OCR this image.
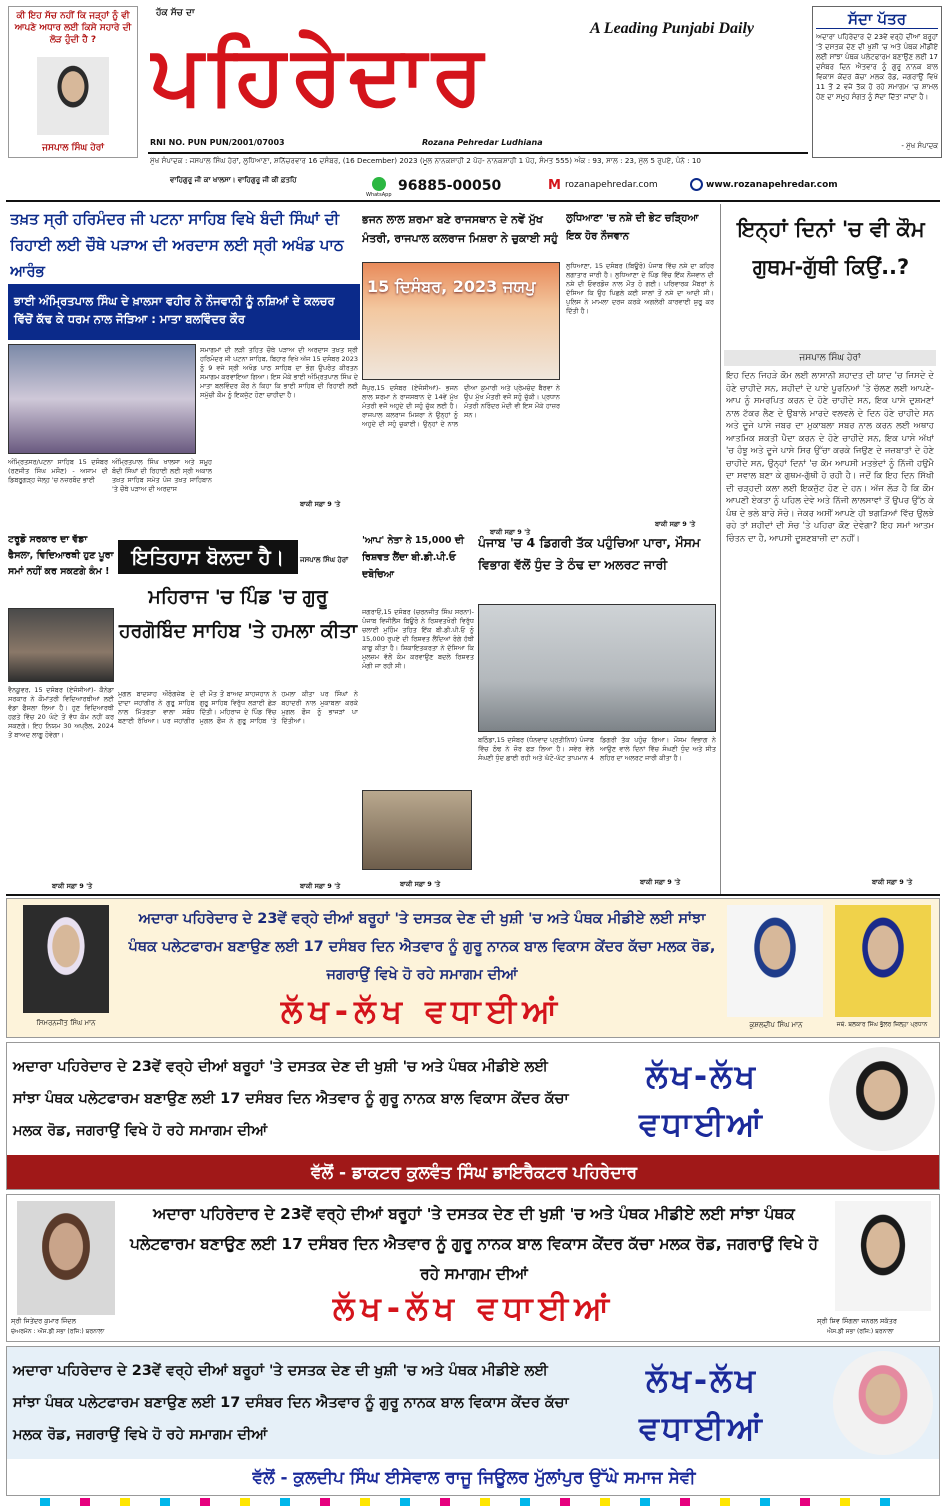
ਕੀ ਇਹ ਸੱਚ ਨਹੀਂ ਕਿ ਜੜ੍ਹਾਂ ਨੂੰ ਵੀ ਆਪਣੇ ਅਧਾਰ ਲਈ ਕਿਸੇ ਸਹਾਰੇ ਦੀ ਲੋੜ ਹੁੰਦੀ ਹੈ ?
ਜਸਪਾਲ ਸਿੰਘ ਹੇਰਾਂ
ਹੱਕ ਸੱਚ ਦਾ
ਪਹਿਰੇਦਾਰ	A Leading Punjabi Daily
RNI NO. PUN PUN/2001/07003	Rozana Pehredar Ludhiana
ਸੱਦਾ ਪੱਤਰ
ਅਦਾਰਾ ਪਹਿਰੇਦਾਰ ਦੇ 23ਵੇਂ ਵਰ੍ਹੇ ਦੀਆਂ ਬਰੂਹਾਂ 'ਤੇ ਦਸਤਕ ਦੇਣ ਦੀ ਖੁਸ਼ੀ 'ਚ ਅਤੇ ਪੰਥਕ ਮੀਡੀਏ ਲਈ ਸਾਂਝਾ ਪੰਥਕ ਪਲੇਟਫਾਰਮ ਬਣਾਉਣ ਲਈ 17 ਦਸੰਬਰ ਦਿਨ ਐਤਵਾਰ ਨੂੰ ਗੁਰੂ ਨਾਨਕ ਬਾਲ ਵਿਕਾਸ ਕੇਂਦਰ ਕੱਚਾ ਮਲਕ ਰੋਡ, ਜਗਰਾਉਂ ਵਿਖੇ 11 ਤੋਂ 2 ਵਜੇ ਤੱਕ ਹੋ ਰਹੇ ਸਮਾਗਮ 'ਚ ਸ਼ਾਮਲ ਹੋਣ ਦਾ ਸਮੂਹ ਸੰਗਤ ਨੂੰ ਸੱਦਾ ਦਿੱਤਾ ਜਾਂਦਾ ਹੈ।
- ਮੁੱਖ ਸੰਪਾਦਕ
ਮੁੱਖ ਸੰਪਾਦਕ : ਜਸਪਾਲ ਸਿੰਘ ਹੇਰਾਂ, ਲੁਧਿਆਣਾ, ਸ਼ਨਿੱਚਰਵਾਰ 16 ਦਸੰਬਰ, (16 December) 2023 (ਮੂਲ ਨਾਨਕਸ਼ਾਹੀ 2 ਪੋਹ- ਨਾਨਕਸ਼ਾਹੀ 1 ਪੋਹ, ਸੰਮਤ 555) ਅੰਕ : 93, ਸਾਲ : 23, ਮੁੱਲ 5 ਰੁਪਏ, ਪੰਨੇ : 10
ਵਾਹਿਗੁਰੂ ਜੀ ਕਾ ਖਾਲਸਾ। ਵਾਹਿਗੁਰੂ ਜੀ ਕੀ ਫ਼ਤਹਿ
WhatsApp
96885-00050	M rozanapehredar.com	www.rozanapehredar.com
ਤਖ਼ਤ ਸ੍ਰੀ ਹਰਿਮੰਦਰ ਜੀ ਪਟਨਾ ਸਾਹਿਬ ਵਿਖੇ ਬੰਦੀ ਸਿੰਘਾਂ ਦੀ ਰਿਹਾਈ ਲਈ ਚੌਥੇ ਪੜਾਅ ਦੀ ਅਰਦਾਸ ਲਈ ਸ੍ਰੀ ਅਖੰਡ ਪਾਠ ਆਰੰਭ
ਭਾਈ ਅੰਮ੍ਰਿਤਪਾਲ ਸਿੰਘ ਦੇ ਖ਼ਾਲਸਾ ਵਹੀਰ ਨੇ ਨੌਜਵਾਨੀ ਨੂੰ ਨਸ਼ਿਆਂ ਦੇ ਕਲਚਰ ਵਿੱਚੋਂ ਕੱਢ ਕੇ ਧਰਮ ਨਾਲ ਜੋੜਿਆ : ਮਾਤਾ ਬਲਵਿੰਦਰ ਕੌਰ
ਅੰਮ੍ਰਿਤਸਰ/ਪਟਨਾ ਸਾਹਿਬ 15 ਦਸੰਬਰ (ਰਣਜੀਤ ਸਿੰਘ ਮਸੌਣ) - ਅਸਾਮ ਦੀ ਡਿਬਰੂਗੜ੍ਹ ਜੇਲ੍ਹ 'ਚ ਨਜ਼ਰਬੰਦ ਭਾਈ
ਅੰਮ੍ਰਿਤਪਾਲ ਸਿੰਘ ਖਾਲਸਾ ਅਤੇ ਸਮੂਹ ਬੰਦੀ ਸਿੰਘਾਂ ਦੀ ਰਿਹਾਈ ਲਈ ਸ੍ਰੀ ਅਕਾਲ ਤਖ਼ਤ ਸਾਹਿਬ ਸਮੇਤ ਪੰਜ ਤਖ਼ਤ ਸਾਹਿਬਾਨ 'ਤੇ ਚੌਥੇ ਪੜਾਅ ਦੀ ਅਰਦਾਸ
ਸਮਾਗਮਾਂ ਦੀ ਲੜੀ ਤਹਿਤ ਚੌਥੇ ਪੜਾਅ ਦੀ ਅਰਦਾਸ ਤਖ਼ਤ ਸ੍ਰੀ ਹਰਿਮੰਦਰ ਜੀ ਪਟਨਾ ਸਾਹਿਬ, ਬਿਹਾਰ ਵਿਖੇ ਅੱਜ 15 ਦਸੰਬਰ 2023 ਨੂੰ 9 ਵਜੇ ਸ੍ਰੀ ਅਖੰਡ ਪਾਠ ਸਾਹਿਬ ਦਾ ਭੋਗ ਉਪਰੰਤ ਕੀਰਤਨ ਸਮਾਗਮ ਕਰਵਾਇਆ ਗਿਆ। ਇਸ ਮੌਕੇ ਭਾਈ ਅੰਮ੍ਰਿਤਪਾਲ ਸਿੰਘ ਦੇ ਮਾਤਾ ਬਲਵਿੰਦਰ ਕੌਰ ਨੇ ਕਿਹਾ ਕਿ ਭਾਈ ਸਾਹਿਬ ਦੀ ਰਿਹਾਈ ਲਈ ਸਮੁੱਚੀ ਕੌਮ ਨੂੰ ਇਕਜੁੱਟ ਹੋਣਾ ਚਾਹੀਦਾ ਹੈ।
ਬਾਕੀ ਸਫ਼ਾ 9 'ਤੇ
ਭਜਨ ਲਾਲ ਸ਼ਰਮਾ ਬਣੇ ਰਾਜਸਥਾਨ ਦੇ ਨਵੇਂ ਮੁੱਖ ਮੰਤਰੀ, ਰਾਜਪਾਲ ਕਲਰਾਜ ਮਿਸ਼ਰਾ ਨੇ ਚੁਕਾਈ ਸਹੁੰ
15 ਦਿਸੰਬਰ, 2023 ਜਯਪੁ
ਜੈਪੁਰ,15 ਦਸੰਬਰ (ਏਜੰਸੀਆਂ)- ਭਜਨ ਲਾਲ ਸ਼ਰਮਾ ਨੇ ਰਾਜਸਥਾਨ ਦੇ 14ਵੇਂ ਮੁੱਖ ਮੰਤਰੀ ਵਜੋਂ ਅਹੁਦੇ ਦੀ ਸਹੁੰ ਚੁੱਕ ਲਈ ਹੈ। ਰਾਜਪਾਲ ਕਲਰਾਜ ਮਿਸ਼ਰਾ ਨੇ ਉਨ੍ਹਾਂ ਨੂੰ ਅਹੁਦੇ ਦੀ ਸਹੁੰ ਚੁਕਾਈ। ਉਨ੍ਹਾਂ ਦੇ ਨਾਲ ਦੀਆ ਕੁਮਾਰੀ ਅਤੇ ਪ੍ਰੇਮਚੰਦ ਬੈਰਵਾ ਨੇ ਉਪ ਮੁੱਖ ਮੰਤਰੀ ਵਜੋਂ ਸਹੁੰ ਚੁੱਕੀ। ਪ੍ਰਧਾਨ ਮੰਤਰੀ ਨਰਿੰਦਰ ਮੋਦੀ ਵੀ ਇਸ ਮੌਕੇ ਹਾਜ਼ਰ ਸਨ।
ਬਾਕੀ ਸਫ਼ਾ 9 'ਤੇ
ਲੁਧਿਆਣਾ 'ਚ ਨਸ਼ੇ ਦੀ ਭੇਟ ਚੜ੍ਹਿਆ ਇਕ ਹੋਰ ਨੌਜਵਾਨ
ਲੁਧਿਆਣਾ, 15 ਦਸੰਬਰ (ਬਿਊਰੋ) ਪੰਜਾਬ ਵਿੱਚ ਨਸ਼ੇ ਦਾ ਕਹਿਰ ਲਗਾਤਾਰ ਜਾਰੀ ਹੈ। ਲੁਧਿਆਣਾ ਦੇ ਪਿੰਡ ਵਿੱਚ ਇੱਕ ਨੌਜਵਾਨ ਦੀ ਨਸ਼ੇ ਦੀ ਓਵਰਡੋਜ਼ ਨਾਲ ਮੌਤ ਹੋ ਗਈ। ਪਰਿਵਾਰਕ ਮੈਂਬਰਾਂ ਨੇ ਦੱਸਿਆ ਕਿ ਉਹ ਪਿਛਲੇ ਕਈ ਸਾਲਾਂ ਤੋਂ ਨਸ਼ੇ ਦਾ ਆਦੀ ਸੀ। ਪੁਲਿਸ ਨੇ ਮਾਮਲਾ ਦਰਜ ਕਰਕੇ ਅਗਲੇਰੀ ਕਾਰਵਾਈ ਸ਼ੁਰੂ ਕਰ ਦਿੱਤੀ ਹੈ।
ਬਾਕੀ ਸਫ਼ਾ 9 'ਤੇ
ਇਨ੍ਹਾਂ ਦਿਨਾਂ 'ਚ ਵੀ ਕੌਮ ਗੁਥਮ-ਗੁੱਥੀ ਕਿਉਂ..?
ਜਸਪਾਲ ਸਿੰਘ ਹੇਰਾਂ
ਇਹ ਦਿਨ ਜਿਹੜੇ ਕੌਮ ਲਈ ਲਾਸਾਨੀ ਸ਼ਹਾਦਤ ਦੀ ਯਾਦ 'ਚ ਜਿਸਦੇ ਦੇ ਹੋਣੇ ਚਾਹੀਦੇ ਸਨ, ਸ਼ਹੀਦਾਂ ਦੇ ਪਾਏ ਪੂਰਨਿਆਂ 'ਤੇ ਚੱਲਣ ਲਈ ਆਪਣੇ-ਆਪ ਨੂੰ ਸਮਰਪਿਤ ਕਰਨ ਦੇ ਹੋਣੇ ਚਾਹੀਦੇ ਸਨ, ਇਕ ਪਾਸੇ ਦੁਸ਼ਮਣਾਂ ਨਾਲ ਟੱਕਰ ਲੈਣ ਦੇ ਉਬਾਲੇ ਮਾਰਦੇ ਵਲਵਲੇ ਦੇ ਦਿਨ ਹੋਣੇ ਚਾਹੀਦੇ ਸਨ ਅਤੇ ਦੂਜੇ ਪਾਸੇ ਜਬਰ ਦਾ ਮੁਕਾਬਲਾ ਸਬਰ ਨਾਲ ਕਰਨ ਲਈ ਅਥਾਹ ਆਤਮਿਕ ਸ਼ਕਤੀ ਪੈਦਾ ਕਰਨ ਦੇ ਹੋਣੇ ਚਾਹੀਦੇ ਸਨ, ਇਕ ਪਾਸੇ ਅੱਖਾਂ 'ਚ ਹੰਝੂ ਅਤੇ ਦੂਜੇ ਪਾਸੇ ਸਿਰ ਉੱਚਾ ਕਰਕੇ ਜਿਉਣ ਦੇ ਜਜ਼ਬਾਤਾਂ ਦੇ ਹੋਣੇ ਚਾਹੀਦੇ ਸਨ, ਉਨ੍ਹਾਂ ਦਿਨਾਂ 'ਚ ਕੌਮ ਆਪਸੀ ਮਤਭੇਦਾਂ ਨੂੰ ਨਿੱਜੀ ਹਉਮੈ ਦਾ ਸਵਾਲ ਬਣਾ ਕੇ ਗੁਥਮ-ਗੁੱਥੀ ਹੋ ਰਹੀ ਹੈ। ਜਦੋਂ ਕਿ ਇਹ ਦਿਨ ਸਿੱਖੀ ਦੀ ਚੜ੍ਹਦੀ ਕਲਾ ਲਈ ਇਕਜੁੱਟ ਹੋਣ ਦੇ ਹਨ। ਅੱਜ ਲੋੜ ਹੈ ਕਿ ਕੌਮ ਆਪਣੀ ਏਕਤਾ ਨੂੰ ਪਹਿਲ ਦੇਵੇ ਅਤੇ ਨਿੱਜੀ ਲਾਲਸਾਵਾਂ ਤੋਂ ਉਪਰ ਉੱਠ ਕੇ ਪੰਥ ਦੇ ਭਲੇ ਬਾਰੇ ਸੋਚੇ। ਜੇਕਰ ਅਸੀਂ ਆਪਣੇ ਹੀ ਝਗੜਿਆਂ ਵਿੱਚ ਉਲਝੇ ਰਹੇ ਤਾਂ ਸ਼ਹੀਦਾਂ ਦੀ ਸੋਚ 'ਤੇ ਪਹਿਰਾ ਕੌਣ ਦੇਵੇਗਾ? ਇਹ ਸਮਾਂ ਆਤਮ ਚਿੰਤਨ ਦਾ ਹੈ, ਆਪਸੀ ਦੂਸ਼ਣਬਾਜ਼ੀ ਦਾ ਨਹੀਂ।
ਬਾਕੀ ਸਫ਼ਾ 9 'ਤੇ
ਟਰੂਡੋ ਸਰਕਾਰ ਦਾ ਵੱਡਾ ਫੈਸਲਾ, ਵਿਦਿਆਰਥੀ ਹੁਣ ਪੂਰਾ ਸਮਾਂ ਨਹੀਂ ਕਰ ਸਕਣਗੇ ਕੰਮ !
ਵੈਨਕੂਵਰ, 15 ਦਸੰਬਰ (ਏਜੰਸੀਆਂ)- ਕੈਨੇਡਾ ਸਰਕਾਰ ਨੇ ਕੌਮਾਂਤਰੀ ਵਿਦਿਆਰਥੀਆਂ ਲਈ ਵੱਡਾ ਫੈਸਲਾ ਲਿਆ ਹੈ। ਹੁਣ ਵਿਦਿਆਰਥੀ ਹਫ਼ਤੇ ਵਿੱਚ 20 ਘੰਟੇ ਤੋਂ ਵੱਧ ਕੰਮ ਨਹੀਂ ਕਰ ਸਕਣਗੇ। ਇਹ ਨਿਯਮ 30 ਅਪ੍ਰੈਲ, 2024 ਤੋਂ ਬਾਅਦ ਲਾਗੂ ਹੋਵੇਗਾ।
ਬਾਕੀ ਸਫ਼ਾ 9 'ਤੇ
ਇਤਿਹਾਸ ਬੋਲਦਾ ਹੈ।	ਜਸਪਾਲ ਸਿੰਘ ਹੇਰਾਂ
ਮਹਿਰਾਜ 'ਚ ਪਿੰਡ 'ਚ ਗੁਰੂ ਹਰਗੋਬਿੰਦ ਸਾਹਿਬ 'ਤੇ ਹਮਲਾ ਕੀਤਾ
ਮੁਗਲ ਬਾਦਸ਼ਾਹ ਔਰੰਗਜ਼ੇਬ ਦੇ ਦਾਦਾ ਜਹਾਂਗੀਰ ਨੇ ਗੁਰੂ ਸਾਹਿਬ ਨਾਲ ਮਿੱਤਰਤਾ ਵਾਲਾ ਸਬੰਧ ਬਣਾਈ ਰੱਖਿਆ। ਪਰ ਜਹਾਂਗੀਰ ਦੀ ਮੌਤ ਤੋਂ ਬਾਅਦ ਸ਼ਾਹਜਹਾਨ ਨੇ ਗੁਰੂ ਸਾਹਿਬ ਵਿਰੁੱਧ ਲੜਾਈ ਛੇੜ ਦਿੱਤੀ। ਮਹਿਰਾਜ ਦੇ ਪਿੰਡ ਵਿੱਚ ਮੁਗਲ ਫੌਜ ਨੇ ਗੁਰੂ ਸਾਹਿਬ 'ਤੇ ਹਮਲਾ ਕੀਤਾ ਪਰ ਸਿੰਘਾਂ ਨੇ ਬਹਾਦਰੀ ਨਾਲ ਮੁਕਾਬਲਾ ਕਰਕੇ ਮੁਗਲ ਫੌਜ ਨੂੰ ਭਾਜੜਾਂ ਪਾ ਦਿੱਤੀਆਂ।
ਬਾਕੀ ਸਫ਼ਾ 9 'ਤੇ
'ਆਪ' ਨੇਤਾ ਨੇ 15,000 ਦੀ ਰਿਸ਼ਵਤ ਲੈਂਦਾ ਬੀ.ਡੀ.ਪੀ.ਓ ਦਬੋਚਿਆ
ਜਗਰਾਓਂ,15 ਦਸੰਬਰ (ਚਰਨਜੀਤ ਸਿੰਘ ਸਰਨਾ)- ਪੰਜਾਬ ਵਿਜੀਲੈਂਸ ਬਿਊਰੋ ਨੇ ਰਿਸ਼ਵਤਖੋਰੀ ਵਿਰੁੱਧ ਚਲਾਈ ਮੁਹਿੰਮ ਤਹਿਤ ਇੱਕ ਬੀ.ਡੀ.ਪੀ.ਓ ਨੂੰ 15,000 ਰੁਪਏ ਦੀ ਰਿਸ਼ਵਤ ਲੈਂਦਿਆਂ ਰੰਗੇ ਹੱਥੀਂ ਕਾਬੂ ਕੀਤਾ ਹੈ। ਸ਼ਿਕਾਇਤਕਰਤਾ ਨੇ ਦੱਸਿਆ ਕਿ ਮੁਲਜ਼ਮ ਵੱਲੋਂ ਕੰਮ ਕਰਵਾਉਣ ਬਦਲੇ ਰਿਸ਼ਵਤ ਮੰਗੀ ਜਾ ਰਹੀ ਸੀ।
ਬਾਕੀ ਸਫ਼ਾ 9 'ਤੇ
ਪੰਜਾਬ 'ਚ 4 ਡਿਗਰੀ ਤੱਕ ਪਹੁੰਚਿਆ ਪਾਰਾ, ਮੌਸਮ ਵਿਭਾਗ ਵੱਲੋਂ ਧੁੰਦ ਤੇ ਠੰਢ ਦਾ ਅਲਰਟ ਜਾਰੀ
ਬਠਿੰਡਾ,15 ਦਸੰਬਰ (ਧੰਨਵਾਦ ਪ੍ਰਤੀਨਿਧ) ਪੰਜਾਬ ਵਿੱਚ ਠੰਢ ਨੇ ਜ਼ੋਰ ਫੜ ਲਿਆ ਹੈ। ਸਵੇਰ ਵੇਲੇ ਸੰਘਣੀ ਧੁੰਦ ਛਾਈ ਰਹੀ ਅਤੇ ਘੱਟੋ-ਘੱਟ ਤਾਪਮਾਨ 4 ਡਿਗਰੀ ਤੱਕ ਪਹੁੰਚ ਗਿਆ। ਮੌਸਮ ਵਿਭਾਗ ਨੇ ਆਉਣ ਵਾਲੇ ਦਿਨਾਂ ਵਿੱਚ ਸੰਘਣੀ ਧੁੰਦ ਅਤੇ ਸੀਤ ਲਹਿਰ ਦਾ ਅਲਰਟ ਜਾਰੀ ਕੀਤਾ ਹੈ।
ਬਾਕੀ ਸਫ਼ਾ 9 'ਤੇ
ਸਿਮਰਨਜੀਤ ਸਿੰਘ ਮਾਨ
ਅਦਾਰਾ ਪਹਿਰੇਦਾਰ ਦੇ 23ਵੇਂ ਵਰ੍ਹੇ ਦੀਆਂ ਬਰੂਹਾਂ 'ਤੇ ਦਸਤਕ ਦੇਣ ਦੀ ਖੁਸ਼ੀ 'ਚ ਅਤੇ ਪੰਥਕ ਮੀਡੀਏ ਲਈ ਸਾਂਝਾ ਪੰਥਕ ਪਲੇਟਫਾਰਮ ਬਣਾਉਣ ਲਈ 17 ਦਸੰਬਰ ਦਿਨ ਐਤਵਾਰ ਨੂੰ ਗੁਰੂ ਨਾਨਕ ਬਾਲ ਵਿਕਾਸ ਕੇਂਦਰ ਕੱਚਾ ਮਲਕ ਰੋਡ, ਜਗਰਾਉਂ ਵਿਖੇ ਹੋ ਰਹੇ ਸਮਾਗਮ ਦੀਆਂ
ਲੱਖ-ਲੱਖ ਵਧਾਈਆਂ	ਕੁਸ਼ਲਦੀਪ ਸਿੰਘ ਮਾਨ	ਜਥੇ. ਬਲਕਾਰ ਸਿੰਘ ਭੁੱਲਰ ਜ਼ਿਲ੍ਹਾ ਪ੍ਰਧਾਨ
ਅਦਾਰਾ ਪਹਿਰੇਦਾਰ ਦੇ 23ਵੇਂ ਵਰ੍ਹੇ ਦੀਆਂ ਬਰੂਹਾਂ 'ਤੇ ਦਸਤਕ ਦੇਣ ਦੀ ਖੁਸ਼ੀ 'ਚ ਅਤੇ ਪੰਥਕ ਮੀਡੀਏ ਲਈ ਸਾਂਝਾ ਪੰਥਕ ਪਲੇਟਫਾਰਮ ਬਣਾਉਣ ਲਈ 17 ਦਸੰਬਰ ਦਿਨ ਐਤਵਾਰ ਨੂੰ ਗੁਰੂ ਨਾਨਕ ਬਾਲ ਵਿਕਾਸ ਕੇਂਦਰ ਕੱਚਾ ਮਲਕ ਰੋਡ, ਜਗਰਾਉਂ ਵਿਖੇ ਹੋ ਰਹੇ ਸਮਾਗਮ ਦੀਆਂ
ਲੱਖ-ਲੱਖ
ਵਧਾਈਆਂ
ਵੱਲੋਂ - ਡਾਕਟਰ ਕੁਲਵੰਤ ਸਿੰਘ ਡਾਇਰੈਕਟਰ ਪਹਿਰੇਦਾਰ
ਸ੍ਰੀ ਜਿਤੇਂਦਰ ਕੁਮਾਰ ਜਿੰਦਲ
ਚੇਅਰਮੈਨ : ਔਸ.ਡੀ ਸਭਾ (ਰਜਿ:) ਬਰਨਾਲਾ
ਅਦਾਰਾ ਪਹਿਰੇਦਾਰ ਦੇ 23ਵੇਂ ਵਰ੍ਹੇ ਦੀਆਂ ਬਰੂਹਾਂ 'ਤੇ ਦਸਤਕ ਦੇਣ ਦੀ ਖੁਸ਼ੀ 'ਚ ਅਤੇ ਪੰਥਕ ਮੀਡੀਏ ਲਈ ਸਾਂਝਾ ਪੰਥਕ ਪਲੇਟਫਾਰਮ ਬਣਾਉਣ ਲਈ 17 ਦਸੰਬਰ ਦਿਨ ਐਤਵਾਰ ਨੂੰ ਗੁਰੂ ਨਾਨਕ ਬਾਲ ਵਿਕਾਸ ਕੇਂਦਰ ਕੱਚਾ ਮਲਕ ਰੋਡ, ਜਗਰਾਉਂ ਵਿਖੇ ਹੋ ਰਹੇ ਸਮਾਗਮ ਦੀਆਂ
ਲੱਖ-ਲੱਖ ਵਧਾਈਆਂ	ਸ੍ਰੀ ਸ਼ਿਵ ਸਿੰਗਲਾ ਜਨਰਲ ਸਕੱਤਰ
ਐਸ.ਡੀ ਸਭਾ (ਰਜਿ:) ਬਰਨਾਲਾ
ਅਦਾਰਾ ਪਹਿਰੇਦਾਰ ਦੇ 23ਵੇਂ ਵਰ੍ਹੇ ਦੀਆਂ ਬਰੂਹਾਂ 'ਤੇ ਦਸਤਕ ਦੇਣ ਦੀ ਖੁਸ਼ੀ 'ਚ ਅਤੇ ਪੰਥਕ ਮੀਡੀਏ ਲਈ ਸਾਂਝਾ ਪੰਥਕ ਪਲੇਟਫਾਰਮ ਬਣਾਉਣ ਲਈ 17 ਦਸੰਬਰ ਦਿਨ ਐਤਵਾਰ ਨੂੰ ਗੁਰੂ ਨਾਨਕ ਬਾਲ ਵਿਕਾਸ ਕੇਂਦਰ ਕੱਚਾ ਮਲਕ ਰੋਡ, ਜਗਰਾਉਂ ਵਿਖੇ ਹੋ ਰਹੇ ਸਮਾਗਮ ਦੀਆਂ
ਲੱਖ-ਲੱਖ
ਵਧਾਈਆਂ
ਵੱਲੋਂ - ਕੁਲਦੀਪ ਸਿੰਘ ਈਸੇਵਾਲ ਰਾਜੂ ਜਿਊਲਰ ਮੁੱਲਾਂਪੁਰ ਉੱਘੇ ਸਮਾਜ ਸੇਵੀ
